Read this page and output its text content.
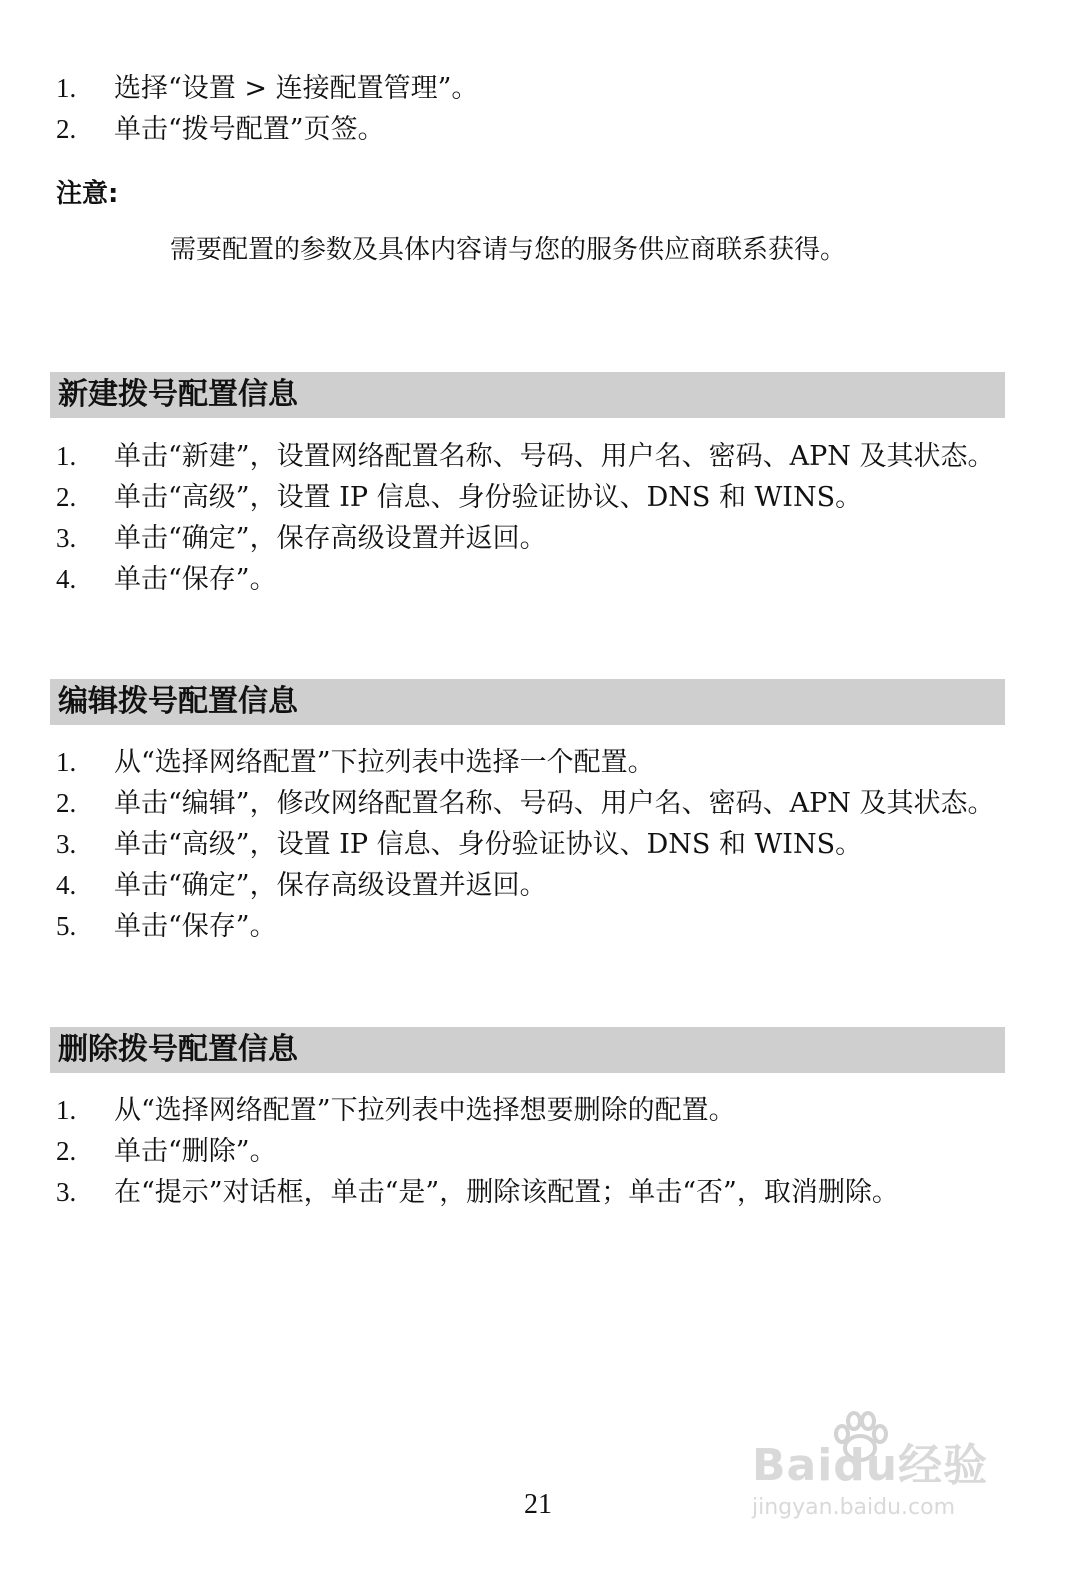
1.	选择“设置 > 连接配置管理”。
2.	单击“拨号配置”页签。
注意:
需要配置的参数及具体内容请与您的服务供应商联系获得。
新建拨号配置信息
1.	单击“新建”，设置网络配置名称、号码、用户名、密码、APN 及其状态。
2.	单击“高级”，设置 IP 信息、身份验证协议、DNS 和 WINS。
3.	单击“确定”，保存高级设置并返回。
4.	单击“保存”。
编辑拨号配置信息
1.	从“选择网络配置”下拉列表中选择一个配置。
2.	单击“编辑”，修改网络配置名称、号码、用户名、密码、APN 及其状态。
3.	单击“高级”，设置 IP 信息、身份验证协议、DNS 和 WINS。
4.	单击“确定”，保存高级设置并返回。
5.	单击“保存”。
删除拨号配置信息
1.	从“选择网络配置”下拉列表中选择想要删除的配置。
2.	单击“删除”。
3.	在“提示”对话框，单击“是”，删除该配置；单击“否”，取消删除。
Baidu经验
jingyan.baidu.com
21
